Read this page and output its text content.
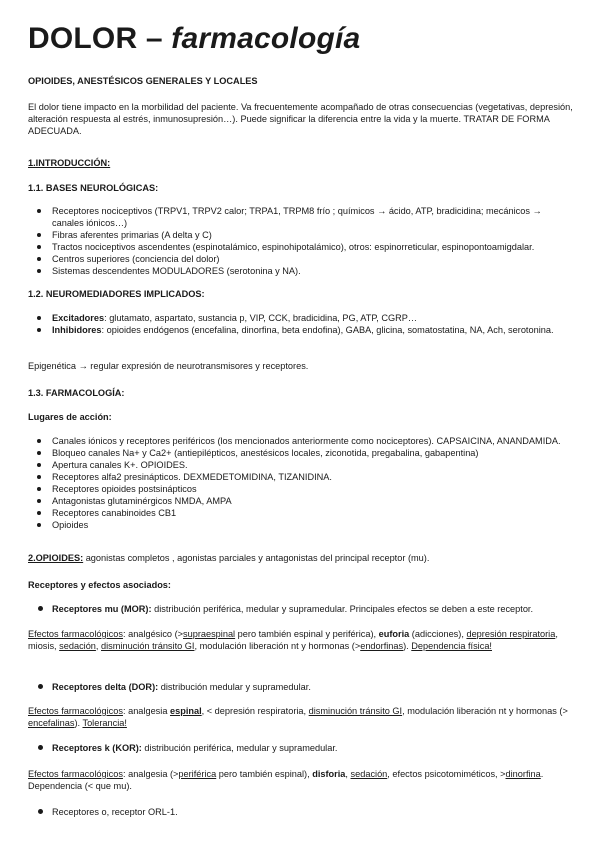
DOLOR – farmacología
OPIOIDES, ANESTÉSICOS GENERALES Y LOCALES
El dolor tiene impacto en la morbilidad del paciente. Va frecuentemente acompañado de otras consecuencias (vegetativas, depresión, alteración respuesta al estrés, inmunosupresión…). Puede significar la diferencia entre la vida y la muerte. TRATAR DE FORMA ADECUADA.
1.INTRODUCCIÓN:
1.1. BASES NEUROLÓGICAS:
Receptores nociceptivos (TRPV1, TRPV2 calor; TRPA1, TRPM8 frío ; químicos → ácido, ATP, bradicidina; mecánicos → canales iónicos…)
Fibras aferentes primarias (A delta y C)
Tractos nociceptivos ascendentes (espinotalámico, espinohipotalámico), otros: espinorreticular, espinopontoamigdalar.
Centros superiores (conciencia del dolor)
Sistemas descendentes MODULADORES (serotonina y NA).
1.2. NEUROMEDIADORES IMPLICADOS:
Excitadores: glutamato, aspartato, sustancia p, VIP, CCK, bradicidina, PG, ATP, CGRP…
Inhibidores: opioides endógenos (encefalina, dinorfina, beta endofina), GABA, glicina, somatostatina, NA, Ach, serotonina.
Epigenética → regular expresión de neurotransmisores y receptores.
1.3. FARMACOLOGÍA:
Lugares de acción:
Canales iónicos y receptores periféricos (los mencionados anteriormente como nociceptores). CAPSAICINA, ANANDAMIDA.
Bloqueo canales Na+ y Ca2+ (antiepilépticos, anestésicos locales, ziconotida, pregabalina, gabapentina)
Apertura canales K+. OPIOIDES.
Receptores alfa2 presinápticos. DEXMEDETOMIDINA, TIZANIDINA.
Receptores opioides postsinápticos
Antagonistas glutaminérgicos NMDA, AMPA
Receptores canabinoides CB1
Opioides
2.OPIOIDES: agonistas completos , agonistas parciales y antagonistas del principal receptor (mu).
Receptores y efectos asociados:
Receptores mu (MOR): distribución periférica, medular y supramedular. Principales efectos se deben a este receptor.
Efectos farmacológicos: analgésico (>supraespinal pero también espinal y periférica), euforia (adicciones), depresión respiratoria, miosis, sedación, disminución tránsito GI, modulación liberación nt y hormonas (>endorfinas). Dependencia física!
Receptores delta (DOR): distribución medular y supramedular.
Efectos farmacológicos: analgesia espinal, < depresión respiratoria, disminución tránsito GI, modulación liberación nt y hormonas (> encefalinas). Tolerancia!
Receptores k (KOR): distribución periférica, medular y supramedular.
Efectos farmacológicos: analgesia (>periférica pero también espinal), disforia, sedación, efectos psicotomiméticos, >dinorfina. Dependencia (< que mu).
Receptores o, receptor ORL-1.
